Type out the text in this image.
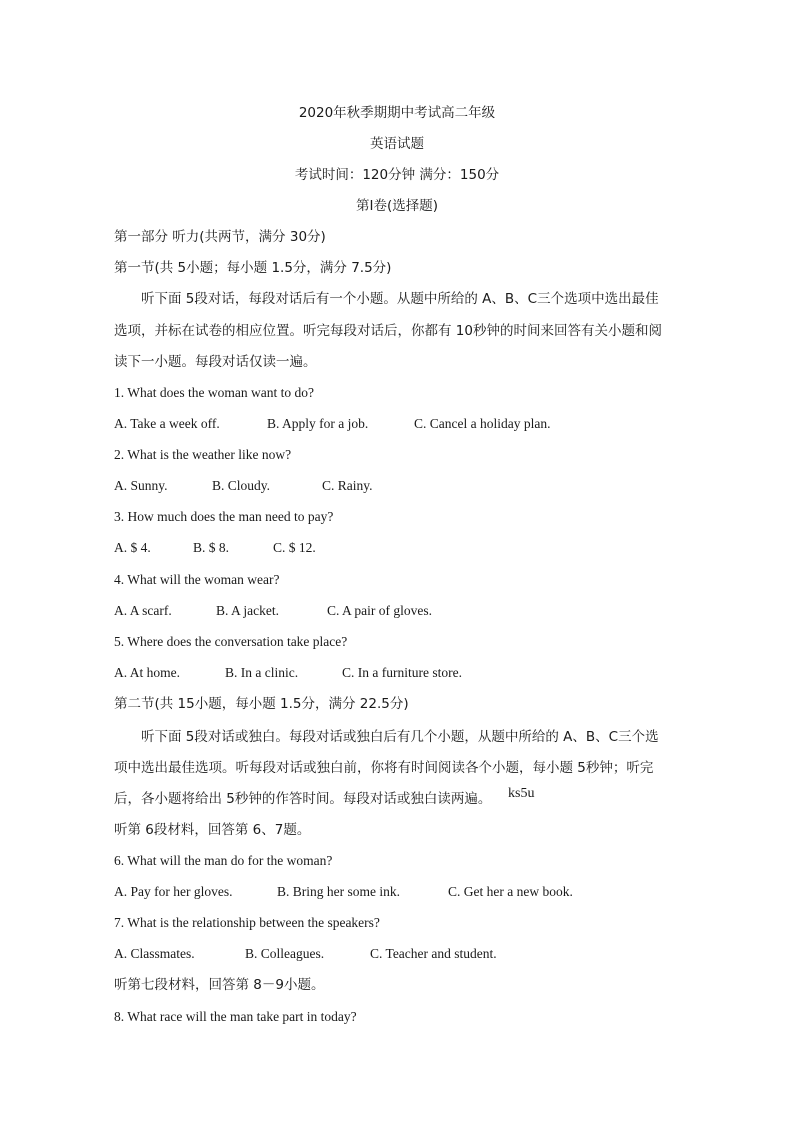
2020年秋季期期中考试高二年级
英语试题
考试时间：120分钟 满分：150分
第Ⅰ卷(选择题)
第一部分 听力(共两节，满分 30分)
第一节(共 5小题；每小题 1.5分，满分 7.5分)
听下面 5段对话，每段对话后有一个小题。从题中所给的 A、B、C三个选项中选出最佳
选项，并标在试卷的相应位置。听完每段对话后，你都有 10秒钟的时间来回答有关小题和阅
读下一小题。每段对话仅读一遍。
1. What does the woman want to do?
A. Take a week off.	B. Apply for a job.	C. Cancel a holiday plan.
2. What is the weather like now?
A. Sunny.	B. Cloudy.	C. Rainy.
3. How much does the man need to pay?
A. $ 4.	B. $ 8.	C. $ 12.
4. What will the woman wear?
A. A scarf.	B. A jacket.	C. A pair of gloves.
5. Where does the conversation take place?
A. At home.	B. In a clinic.	C. In a furniture store.
第二节(共 15小题，每小题 1.5分，满分 22.5分)
听下面 5段对话或独白。每段对话或独白后有几个小题，从题中所给的 A、B、C三个选
项中选出最佳选项。听每段对话或独白前，你将有时间阅读各个小题，每小题 5秒钟；听完
后，各小题将给出 5秒钟的作答时间。每段对话或独白读两遍。 ks5u
听第 6段材料，回答第 6、7题。
6. What will the man do for the woman?
A. Pay for her gloves.	B. Bring her some ink.	C. Get her a new book.
7. What is the relationship between the speakers?
A. Classmates.	B. Colleagues.	C. Teacher and student.
听第七段材料，回答第 8－9小题。
8. What race will the man take part in today?
